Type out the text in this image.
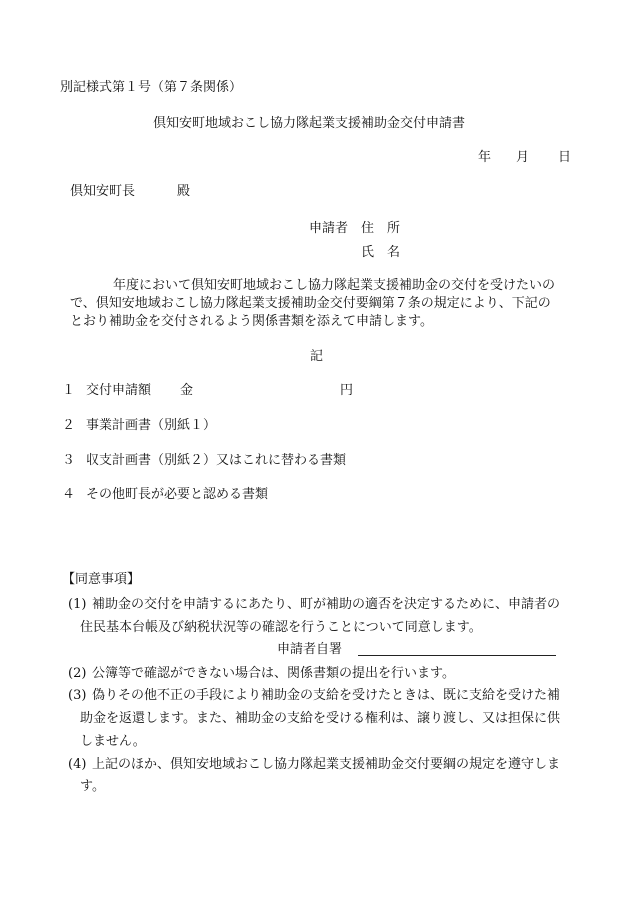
別記様式第１号（第７条関係）
倶知安町地域おこし協力隊起業支援補助金交付申請書
年 月 日
倶知安町長	殿
申請者 住　所
氏　名
年度において倶知安町地域おこし協力隊起業支援補助金の交付を受けたいの
で、倶知安地域おこし協力隊起業支援補助金交付要綱第７条の規定により、下記の
とおり補助金を交付されるよう関係書類を添えて申請します。
記
１ 交付申請額 金	円
２ 事業計画書（別紙１）
３ 収支計画書（別紙２）又はこれに替わる書類
４ その他町長が必要と認める書類
【同意事項】
(1) 補助金の交付を申請するにあたり、町が補助の適否を決定するために、申請者の
住民基本台帳及び納税状況等の確認を行うことについて同意します。
申請者自署
(2) 公簿等で確認ができない場合は、関係書類の提出を行います。
(3) 偽りその他不正の手段により補助金の支給を受けたときは、既に支給を受けた補
助金を返還します。また、補助金の支給を受ける権利は、譲り渡し、又は担保に供
しません。
(4) 上記のほか、倶知安地域おこし協力隊起業支援補助金交付要綱の規定を遵守しま
す。
